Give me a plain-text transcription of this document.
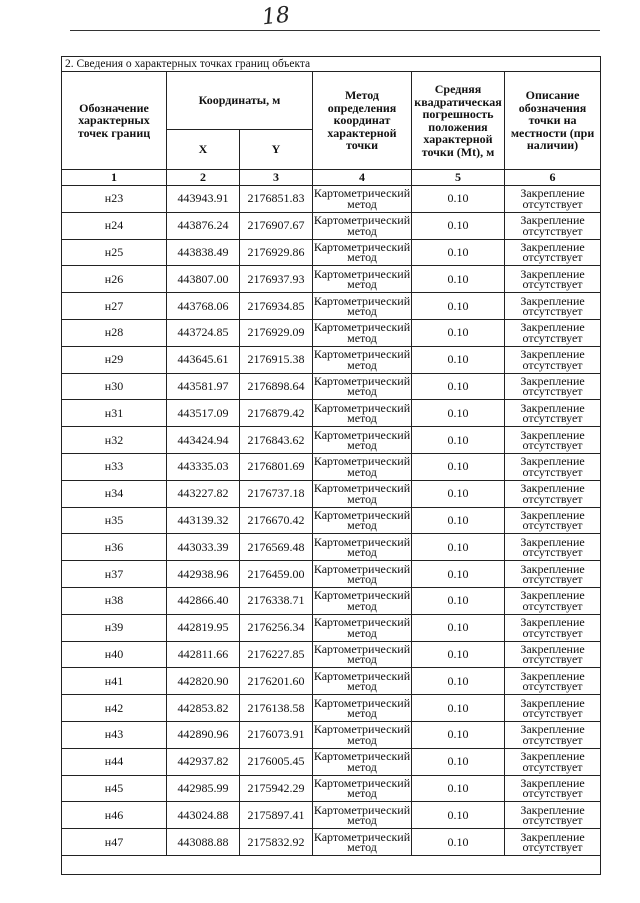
18
2. Сведения о характерных точках границ объекта					
Обозначение характерных точек границ	Координаты, м		Метод определения координат характерной точки	Средняя квадратическая погрешность положения характерной точки (Mt), м	Описание обозначения точки на местности (при наличии)
	X	Y			
1	2	3	4	5	6
н23	443943.91	2176851.83	Картометрический метод	0.10	Закрепление отсутствует
н24	443876.24	2176907.67	Картометрический метод	0.10	Закрепление отсутствует
н25	443838.49	2176929.86	Картометрический метод	0.10	Закрепление отсутствует
н26	443807.00	2176937.93	Картометрический метод	0.10	Закрепление отсутствует
н27	443768.06	2176934.85	Картометрический метод	0.10	Закрепление отсутствует
н28	443724.85	2176929.09	Картометрический метод	0.10	Закрепление отсутствует
н29	443645.61	2176915.38	Картометрический метод	0.10	Закрепление отсутствует
н30	443581.97	2176898.64	Картометрический метод	0.10	Закрепление отсутствует
н31	443517.09	2176879.42	Картометрический метод	0.10	Закрепление отсутствует
н32	443424.94	2176843.62	Картометрический метод	0.10	Закрепление отсутствует
н33	443335.03	2176801.69	Картометрический метод	0.10	Закрепление отсутствует
н34	443227.82	2176737.18	Картометрический метод	0.10	Закрепление отсутствует
н35	443139.32	2176670.42	Картометрический метод	0.10	Закрепление отсутствует
н36	443033.39	2176569.48	Картометрический метод	0.10	Закрепление отсутствует
н37	442938.96	2176459.00	Картометрический метод	0.10	Закрепление отсутствует
н38	442866.40	2176338.71	Картометрический метод	0.10	Закрепление отсутствует
н39	442819.95	2176256.34	Картометрический метод	0.10	Закрепление отсутствует
н40	442811.66	2176227.85	Картометрический метод	0.10	Закрепление отсутствует
н41	442820.90	2176201.60	Картометрический метод	0.10	Закрепление отсутствует
н42	442853.82	2176138.58	Картометрический метод	0.10	Закрепление отсутствует
н43	442890.96	2176073.91	Картометрический метод	0.10	Закрепление отсутствует
н44	442937.82	2176005.45	Картометрический метод	0.10	Закрепление отсутствует
н45	442985.99	2175942.29	Картометрический метод	0.10	Закрепление отсутствует
н46	443024.88	2175897.41	Картометрический метод	0.10	Закрепление отсутствует
н47	443088.88	2175832.92	Картометрический метод	0.10	Закрепление отсутствует
